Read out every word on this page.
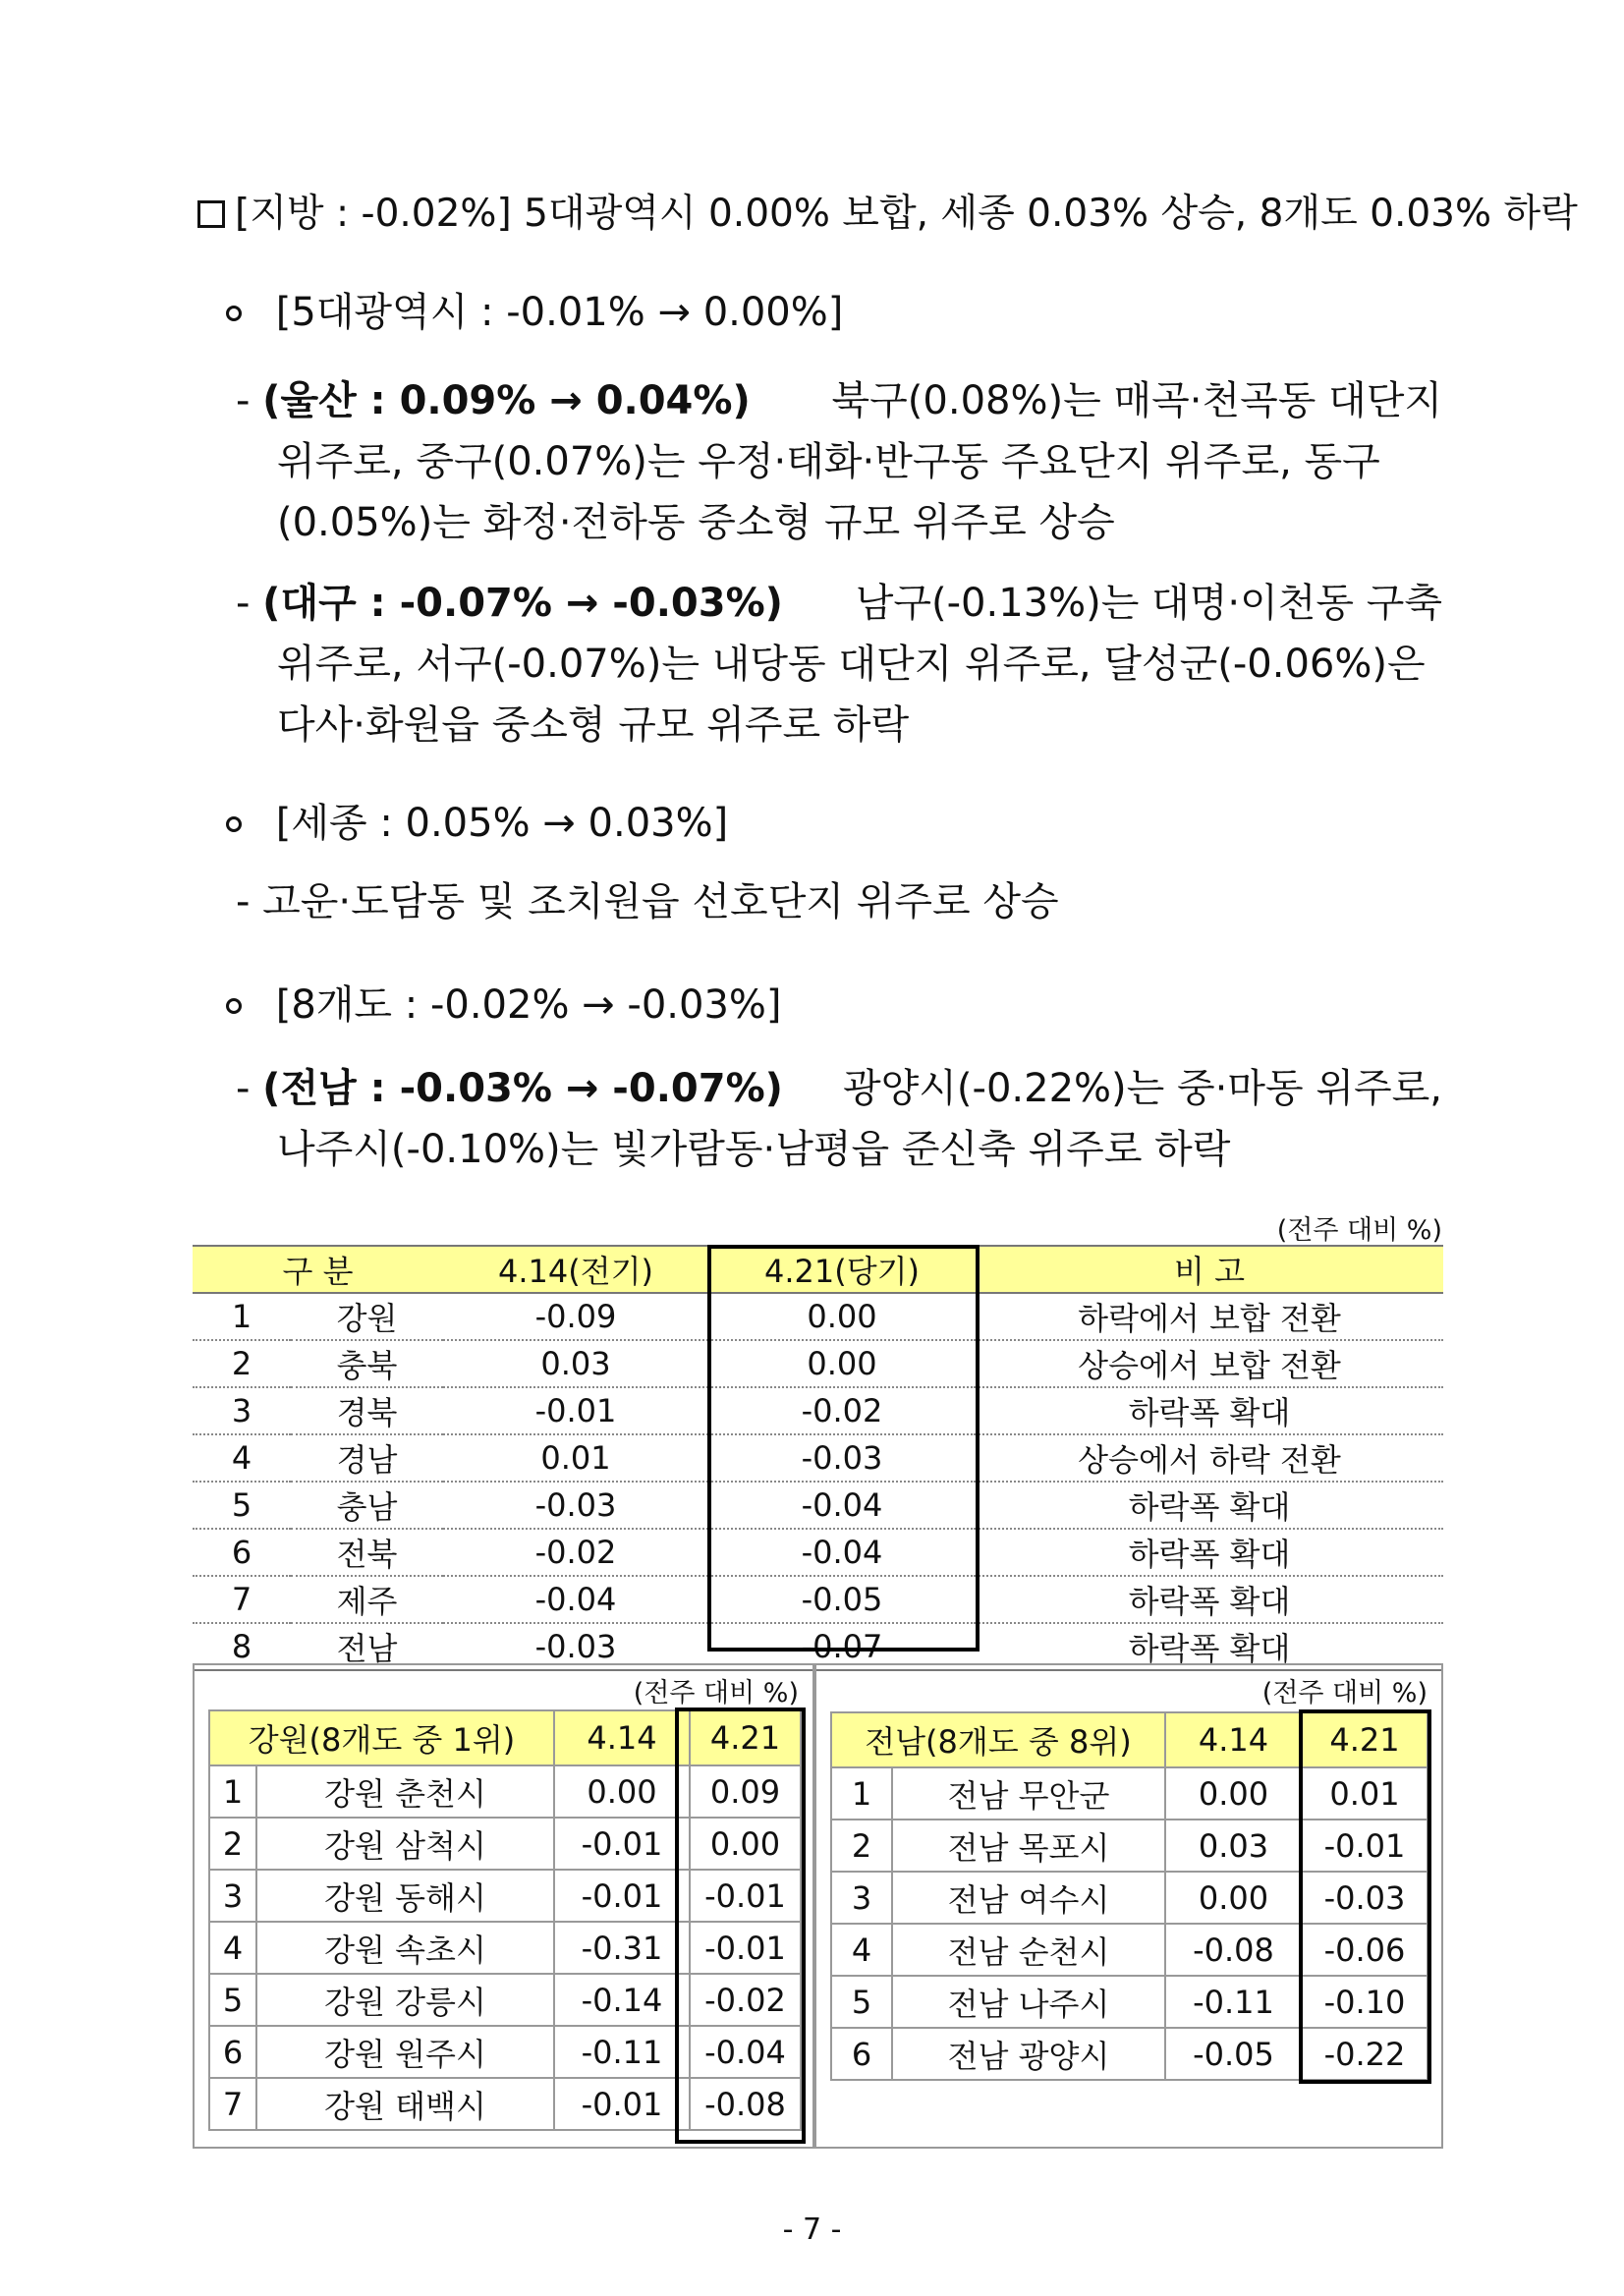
[지방 : -0.02%] 5대광역시 0.00% 보합, 세종 0.03% 상승, 8개도 0.03% 하락
[5대광역시 : -0.01% → 0.00%]
- (울산 : 0.09% → 0.04%) 북구(0.08%)는 매곡·천곡동 대단지
위주로, 중구(0.07%)는 우정·태화·반구동 주요단지 위주로, 동구
(0.05%)는 화정·전하동 중소형 규모 위주로 상승
- (대구 : -0.07% → -0.03%) 남구(-0.13%)는 대명·이천동 구축
위주로, 서구(-0.07%)는 내당동 대단지 위주로, 달성군(-0.06%)은
다사·화원읍 중소형 규모 위주로 하락
[세종 : 0.05% → 0.03%]
- 고운·도담동 및 조치원읍 선호단지 위주로 상승
[8개도 : -0.02% → -0.03%]
- (전남 : -0.03% → -0.07%) 광양시(-0.22%)는 중·마동 위주로,
나주시(-0.10%)는 빛가람동·남평읍 준신축 위주로 하락
(전주 대비 %)
구 분		4.14(전기)	4.21(당기)	비 고
1	강원	-0.09	0.00	하락에서 보합 전환
2	충북	0.03	0.00	상승에서 보합 전환
3	경북	-0.01	-0.02	하락폭 확대
4	경남	0.01	-0.03	상승에서 하락 전환
5	충남	-0.03	-0.04	하락폭 확대
6	전북	-0.02	-0.04	하락폭 확대
7	제주	-0.04	-0.05	하락폭 확대
8	전남	-0.03	-0.07	하락폭 확대
(전주 대비 %)
강원(8개도 중 1위)		4.14	4.21
1	강원 춘천시	0.00	0.09
2	강원 삼척시	-0.01	0.00
3	강원 동해시	-0.01	-0.01
4	강원 속초시	-0.31	-0.01
5	강원 강릉시	-0.14	-0.02
6	강원 원주시	-0.11	-0.04
7	강원 태백시	-0.01	-0.08
(전주 대비 %)
전남(8개도 중 8위)		4.14	4.21
1	전남 무안군	0.00	0.01
2	전남 목포시	0.03	-0.01
3	전남 여수시	0.00	-0.03
4	전남 순천시	-0.08	-0.06
5	전남 나주시	-0.11	-0.10
6	전남 광양시	-0.05	-0.22
- 7 -
